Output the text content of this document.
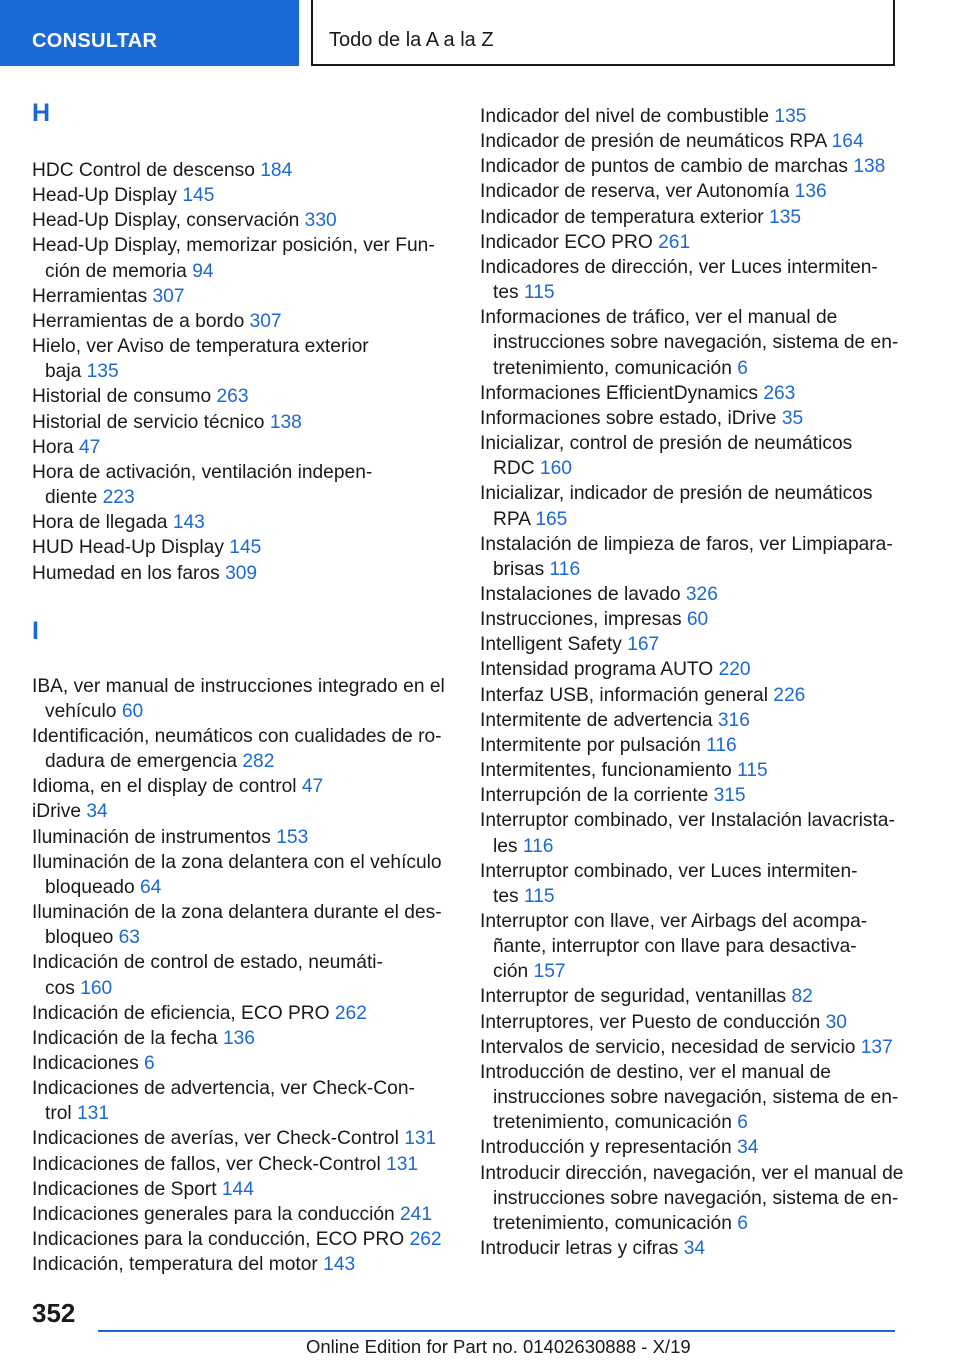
CONSULTAR	Todo de la A a la Z
H
HDC Control de descenso 184
Head-Up Display 145
Head-Up Display, conservación 330
Head-Up Display, memorizar posición, ver Fun-
ción de memoria 94
Herramientas 307
Herramientas de a bordo 307
Hielo, ver Aviso de temperatura exterior
baja 135
Historial de consumo 263
Historial de servicio técnico 138
Hora 47
Hora de activación, ventilación indepen-
diente 223
Hora de llegada 143
HUD Head-Up Display 145
Humedad en los faros 309
I
IBA, ver manual de instrucciones integrado en el
vehículo 60
Identificación, neumáticos con cualidades de ro-
dadura de emergencia 282
Idioma, en el display de control 47
iDrive 34
Iluminación de instrumentos 153
Iluminación de la zona delantera con el vehículo
bloqueado 64
Iluminación de la zona delantera durante el des-
bloqueo 63
Indicación de control de estado, neumáti-
cos 160
Indicación de eficiencia, ECO PRO 262
Indicación de la fecha 136
Indicaciones 6
Indicaciones de advertencia, ver Check-Con-
trol 131
Indicaciones de averías, ver Check-Control 131
Indicaciones de fallos, ver Check-Control 131
Indicaciones de Sport 144
Indicaciones generales para la conducción 241
Indicaciones para la conducción, ECO PRO 262
Indicación, temperatura del motor 143
Indicador del nivel de combustible 135
Indicador de presión de neumáticos RPA 164
Indicador de puntos de cambio de marchas 138
Indicador de reserva, ver Autonomía 136
Indicador de temperatura exterior 135
Indicador ECO PRO 261
Indicadores de dirección, ver Luces intermiten-
tes 115
Informaciones de tráfico, ver el manual de
instrucciones sobre navegación, sistema de en-
tretenimiento, comunicación 6
Informaciones EfficientDynamics 263
Informaciones sobre estado, iDrive 35
Inicializar, control de presión de neumáticos
RDC 160
Inicializar, indicador de presión de neumáticos
RPA 165
Instalación de limpieza de faros, ver Limpiapara-
brisas 116
Instalaciones de lavado 326
Instrucciones, impresas 60
Intelligent Safety 167
Intensidad programa AUTO 220
Interfaz USB, información general 226
Intermitente de advertencia 316
Intermitente por pulsación 116
Intermitentes, funcionamiento 115
Interrupción de la corriente 315
Interruptor combinado, ver Instalación lavacrista-
les 116
Interruptor combinado, ver Luces intermiten-
tes 115
Interruptor con llave, ver Airbags del acompa-
ñante, interruptor con llave para desactiva-
ción 157
Interruptor de seguridad, ventanillas 82
Interruptores, ver Puesto de conducción 30
Intervalos de servicio, necesidad de servicio 137
Introducción de destino, ver el manual de
instrucciones sobre navegación, sistema de en-
tretenimiento, comunicación 6
Introducción y representación 34
Introducir dirección, navegación, ver el manual de
instrucciones sobre navegación, sistema de en-
tretenimiento, comunicación 6
Introducir letras y cifras 34
352
Online Edition for Part no. 01402630888 - X/19
